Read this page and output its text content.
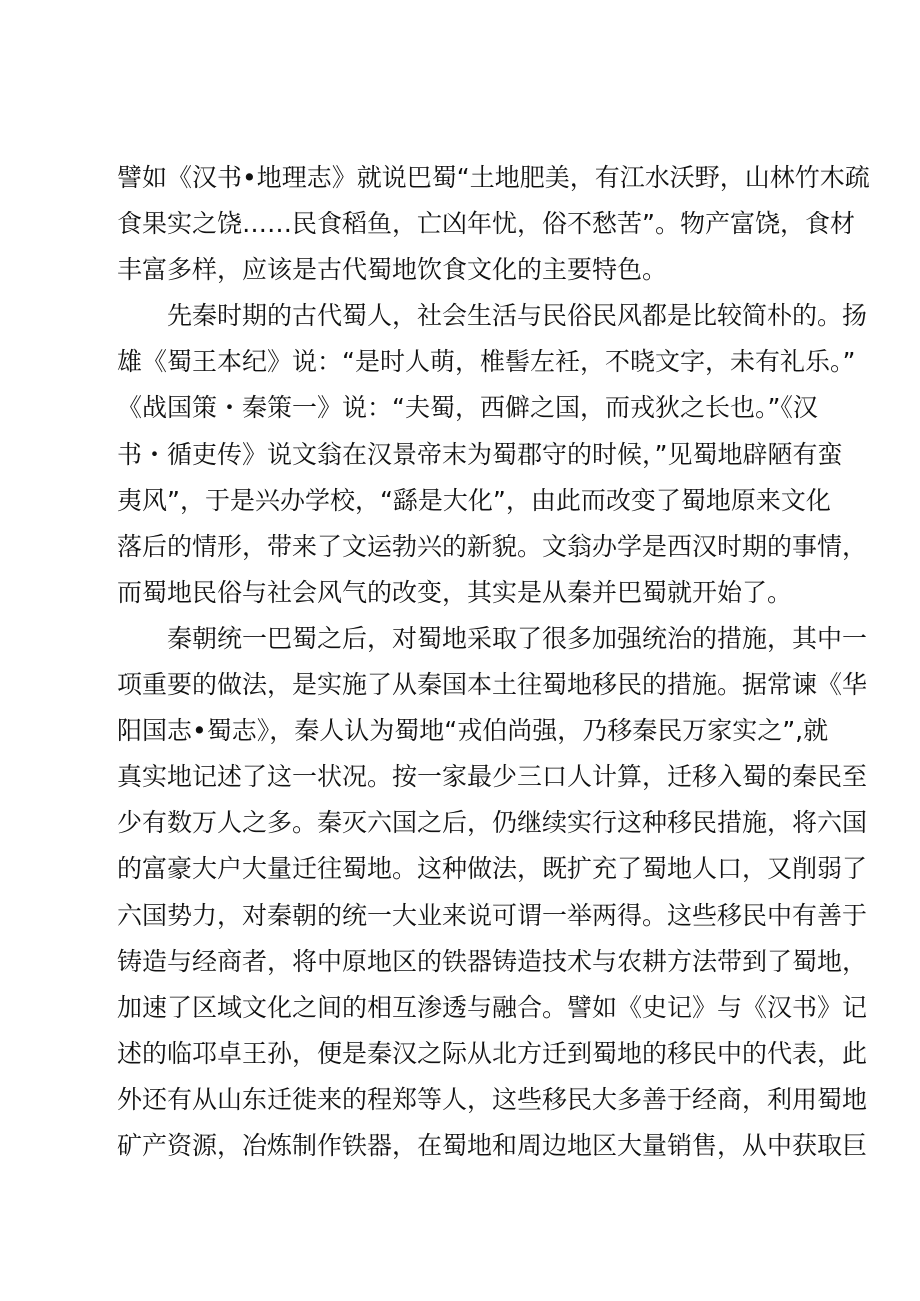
譬如《汉书•地理志》就说巴蜀“土地肥美，有江水沃野，山林竹木疏
食果实之饶……民食稻鱼，亡凶年忧，俗不愁苦”。物产富饶，食材
丰富多样，应该是古代蜀地饮食文化的主要特色。
先秦时期的古代蜀人，社会生活与民俗民风都是比较简朴的。扬
雄《蜀王本纪》说：“是时人萌，椎髻左衽，不晓文字，未有礼乐。”
《战国策・秦策一》说：“夫蜀，西僻之国，而戎狄之长也。”《汉
书・循吏传》说文翁在汉景帝末为蜀郡守的时候，”见蜀地辟陋有蛮
夷风”，于是兴办学校，“繇是大化”，由此而改变了蜀地原来文化
落后的情形，带来了文运勃兴的新貌。文翁办学是西汉时期的事情，
而蜀地民俗与社会风气的改变，其实是从秦并巴蜀就开始了。
秦朝统一巴蜀之后，对蜀地采取了很多加强统治的措施，其中一
项重要的做法，是实施了从秦国本土往蜀地移民的措施。据常谏《华
阳国志•蜀志》，秦人认为蜀地“戎伯尚强，乃移秦民万家实之”,就
真实地记述了这一状况。按一家最少三口人计算，迁移入蜀的秦民至
少有数万人之多。秦灭六国之后，仍继续实行这种移民措施，将六国
的富豪大户大量迁往蜀地。这种做法，既扩充了蜀地人口，又削弱了
六国势力，对秦朝的统一大业来说可谓一举两得。这些移民中有善于
铸造与经商者，将中原地区的铁器铸造技术与农耕方法带到了蜀地，
加速了区域文化之间的相互渗透与融合。譬如《史记》与《汉书》记
述的临邛卓王孙，便是秦汉之际从北方迁到蜀地的移民中的代表，此
外还有从山东迁徙来的程郑等人，这些移民大多善于经商，利用蜀地
矿产资源，冶炼制作铁器，在蜀地和周边地区大量销售，从中获取巨
